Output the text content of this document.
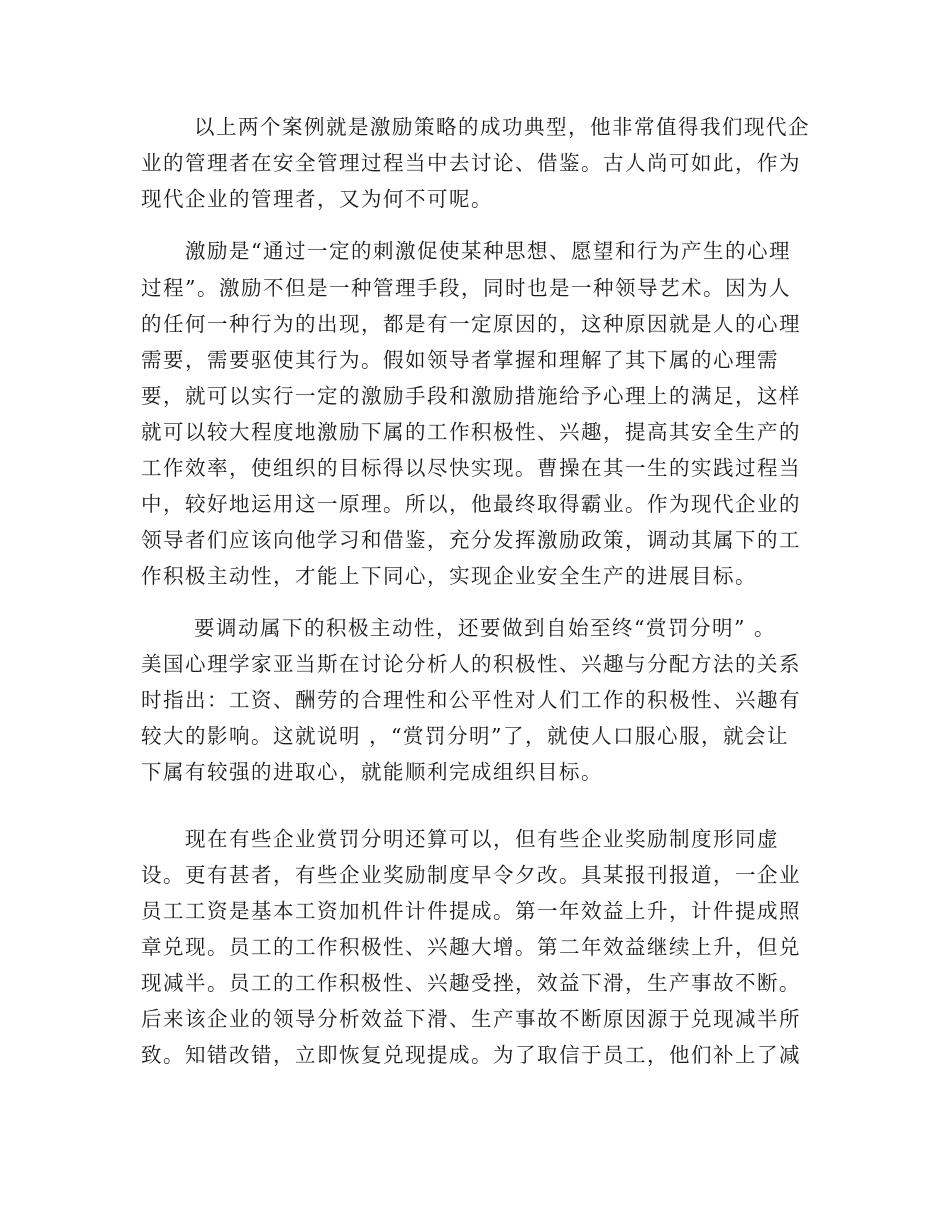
以上两个案例就是激励策略的成功典型，他非常值得我们现代企
业的管理者在安全管理过程当中去讨论、借鉴。古人尚可如此，作为
现代企业的管理者，又为何不可呢。
激励是“通过一定的刺激促使某种思想、愿望和行为产生的心理
过程”。激励不但是一种管理手段，同时也是一种领导艺术。因为人
的任何一种行为的出现，都是有一定原因的，这种原因就是人的心理
需要，需要驱使其行为。假如领导者掌握和理解了其下属的心理需
要，就可以实行一定的激励手段和激励措施给予心理上的满足，这样
就可以较大程度地激励下属的工作积极性、兴趣，提高其安全生产的
工作效率，使组织的目标得以尽快实现。曹操在其一生的实践过程当
中，较好地运用这一原理。所以，他最终取得霸业。作为现代企业的
领导者们应该向他学习和借鉴，充分发挥激励政策，调动其属下的工
作积极主动性，才能上下同心，实现企业安全生产的进展目标。
要调动属下的积极主动性，还要做到自始至终“赏罚分明” 。
美国心理学家亚当斯在讨论分析人的积极性、兴趣与分配方法的关系
时指出：工资、酬劳的合理性和公平性对人们工作的积极性、兴趣有
较大的影响。这就说明 ，“赏罚分明”了，就使人口服心服，就会让
下属有较强的进取心，就能顺利完成组织目标。
现在有些企业赏罚分明还算可以，但有些企业奖励制度形同虚
设。更有甚者，有些企业奖励制度早令夕改。具某报刊报道，一企业
员工工资是基本工资加机件计件提成。第一年效益上升，计件提成照
章兑现。员工的工作积极性、兴趣大增。第二年效益继续上升，但兑
现减半。员工的工作积极性、兴趣受挫，效益下滑，生产事故不断。
后来该企业的领导分析效益下滑、生产事故不断原因源于兑现减半所
致。知错改错，立即恢复兑现提成。为了取信于员工，他们补上了减
